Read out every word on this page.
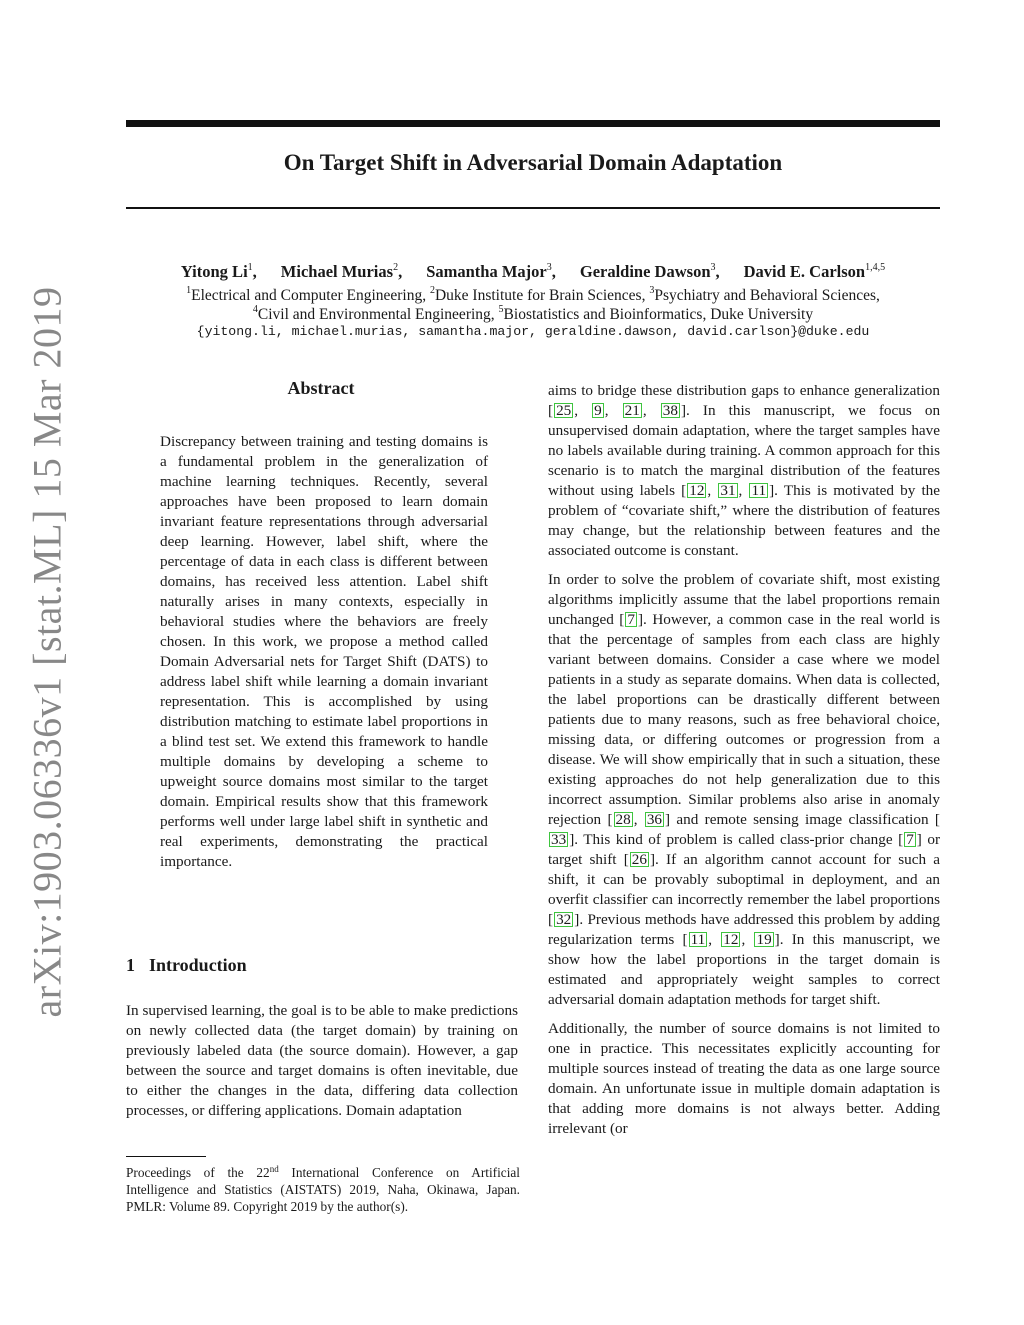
arXiv:1903.06336v1 [stat.ML] 15 Mar 2019
On Target Shift in Adversarial Domain Adaptation
Yitong Li$^1$, Michael Murias$^2$, Samantha Major$^3$, Geraldine Dawson$^3$, David E. Carlson$^{1,4,5}$
$^1$Electrical and Computer Engineering, $^2$Duke Institute for Brain Sciences, $^3$Psychiatry and Behavioral Sciences,
$^4$Civil and Environmental Engineering, $^5$Biostatistics and Bioinformatics, Duke University
{yitong.li, michael.murias, samantha.major, geraldine.dawson, david.carlson}@duke.edu
Abstract
Discrepancy between training and testing domains is a fundamental problem in the generalization of machine learning techniques. Recently, several approaches have been proposed to learn domain invariant feature representations through adversarial deep learning. However, label shift, where the percentage of data in each class is different between domains, has received less attention. Label shift naturally arises in many contexts, especially in behavioral studies where the behaviors are freely chosen. In this work, we propose a method called Domain Adversarial nets for Target Shift (DATS) to address label shift while learning a domain invariant representation. This is accomplished by using distribution matching to estimate label proportions in a blind test set. We extend this framework to handle multiple domains by developing a scheme to upweight source domains most similar to the target domain. Empirical results show that this framework performs well under large label shift in synthetic and real experiments, demonstrating the practical importance.
1 Introduction
In supervised learning, the goal is to be able to make predictions on newly collected data (the target domain) by training on previously labeled data (the source domain). However, a gap between the source and target domains is often inevitable, due to either the changes in the data, differing data collection processes, or differing applications. Domain adaptation
Proceedings of the 22nd International Conference on Artificial Intelligence and Statistics (AISTATS) 2019, Naha, Okinawa, Japan. PMLR: Volume 89. Copyright 2019 by the author(s).

aims to bridge these distribution gaps to enhance generalization [ 25 , 9 , 21 , 38 ]. In this manuscript, we focus on unsupervised domain adaptation, where the target samples have no labels available during training. A common approach for this scenario is to match the marginal distribution of the features without using labels [ 12 , 31 , 11 ]. This is motivated by the problem of “covariate shift,” where the distribution of features may change, but the relationship between features and the associated outcome is constant.

In order to solve the problem of covariate shift, most existing algorithms implicitly assume that the label proportions remain unchanged [ 7 ]. However, a common case in the real world is that the percentage of samples from each class are highly variant between domains. Consider a case where we model patients in a study as separate domains. When data is collected, the label proportions can be drastically different between patients due to many reasons, such as free behavioral choice, missing data, or differing outcomes or progression from a disease. We will show empirically that in such a situation, these existing approaches do not help generalization due to this incorrect assumption. Similar problems also arise in anomaly rejection [ 28 , 36 ] and remote sensing image classification [33 ]. This kind of problem is called class-prior change [ 7 ] or target shift [ 26 ]. If an algorithm cannot account for such a shift, it can be provably suboptimal in deployment, and an overfit classifier can incorrectly remember the label proportions [ 32 ]. Previous methods have addressed this problem by adding regularization terms [ 11 , 12 , 19 ]. In this manuscript, we show how the label proportions in the target domain is estimated and appropriately weight samples to correct adversarial domain adaptation methods for target shift.

Additionally, the number of source domains is not limited to one in practice. This necessitates explicitly accounting for multiple sources instead of treating the data as one large source domain. An unfortunate issue in multiple domain adaptation is that adding more domains is not always better. Adding irrelevant (or
